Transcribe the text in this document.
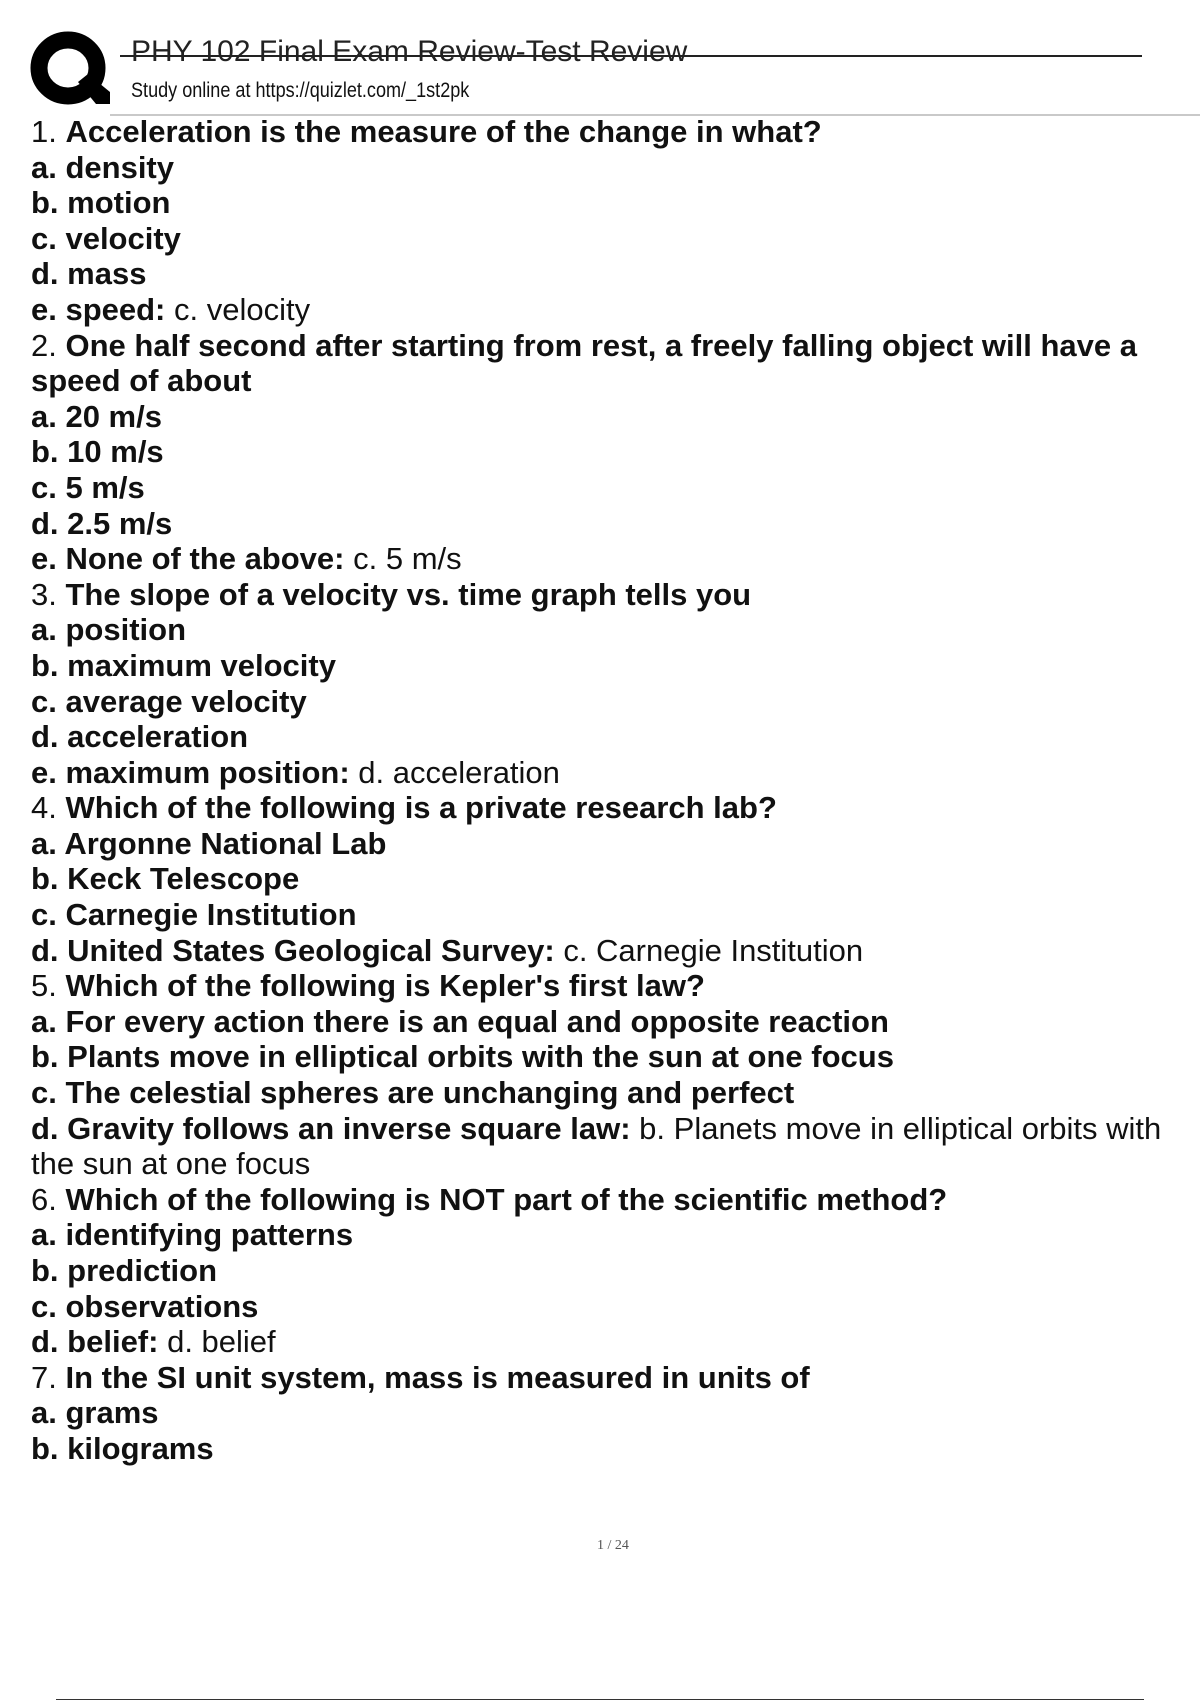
PHY 102 Final Exam Review-Test Review
Study online at https://quizlet.com/_1st2pk
1. Acceleration is the measure of the change in what?
a. density
b. motion
c. velocity
d. mass
e. speed: c. velocity
2. One half second after starting from rest, a freely falling object will have a
speed of about
a. 20 m/s
b. 10 m/s
c. 5 m/s
d. 2.5 m/s
e. None of the above: c. 5 m/s
3. The slope of a velocity vs. time graph tells you
a. position
b. maximum velocity
c. average velocity
d. acceleration
e. maximum position: d. acceleration
4. Which of the following is a private research lab?
a. Argonne National Lab
b. Keck Telescope
c. Carnegie Institution
d. United States Geological Survey: c. Carnegie Institution
5. Which of the following is Kepler's first law?
a. For every action there is an equal and opposite reaction
b. Plants move in elliptical orbits with the sun at one focus
c. The celestial spheres are unchanging and perfect
d. Gravity follows an inverse square law: b. Planets move in elliptical orbits with the sun at one focus
6. Which of the following is NOT part of the scientific method?
a. identifying patterns
b. prediction
c. observations
d. belief: d. belief
7. In the SI unit system, mass is measured in units of
a. grams
b. kilograms
1 / 24
